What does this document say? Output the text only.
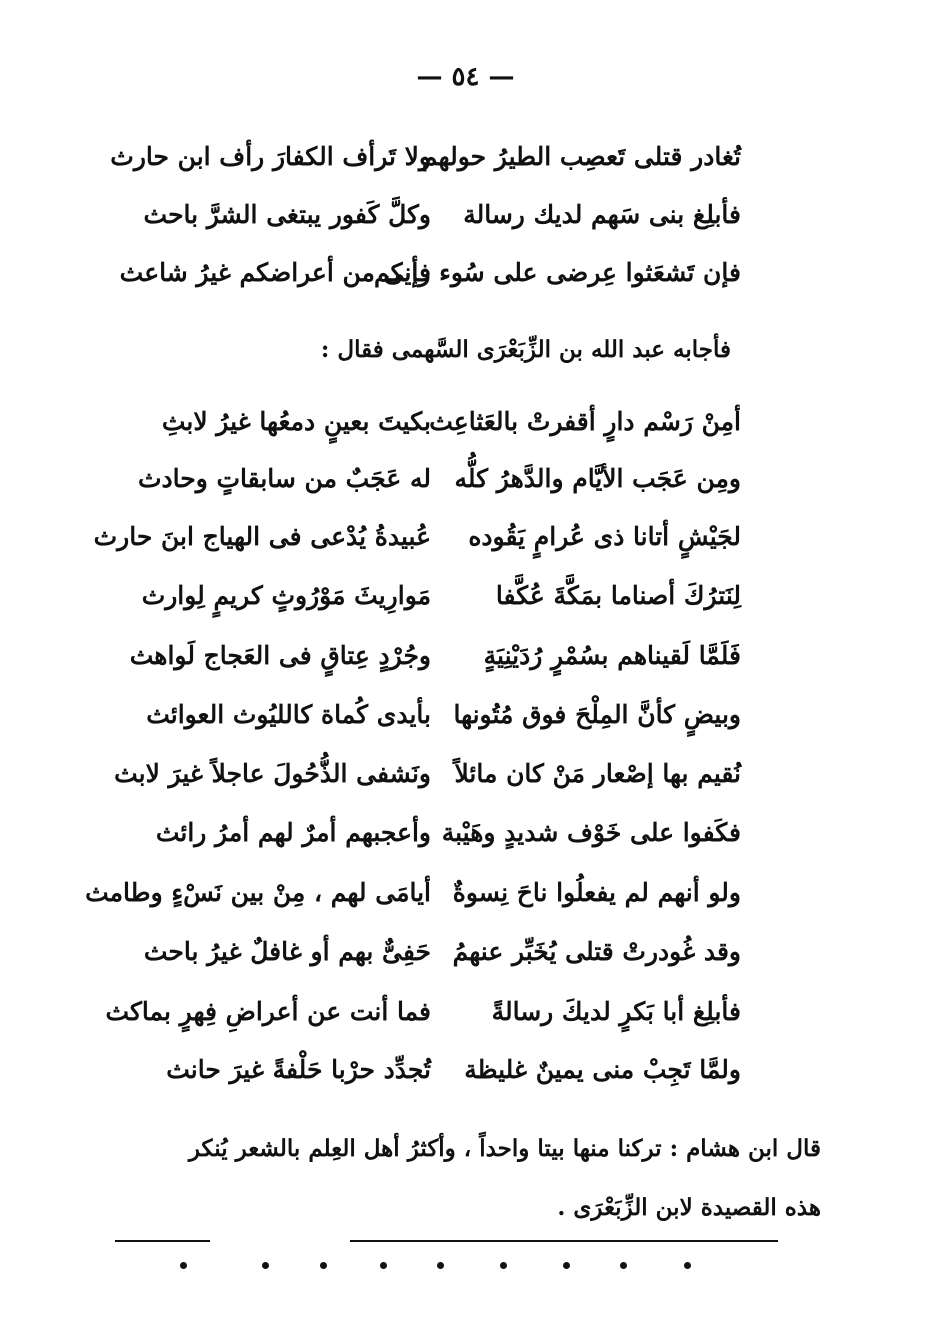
— ٥٤ —
تُغادر قتلى تَعصِب الطيرُ حولهم
ولا تَرأف الكفارَ رأف ابن حارث
فأبلِغ بنى سَهم لديك رسالة
وكلَّ كَفور يبتغى الشرَّ باحث
فإن تَشعَثوا عِرضى على سُوء رأيكم
فإنى من أعراضكم غيرُ شاعث
فأجابه عبد الله بن الزِّبَعْرَى السَّهمى فقال :
أمِنْ رَسْم دارٍ أقفرتْ بالعَثاعِث
بكيتَ بعينٍ دمعُها غيرُ لابثِ
ومِن عَجَب الأيَّام والدَّهرُ كلُّه
له عَجَبٌ من سابقاتٍ وحادث
لجَيْشٍ أتانا ذى عُرامٍ يَقُوده
عُبيدةُ يُدْعى فى الهياج ابنَ حارث
لِنَترُكَ أصناما بمَكَّةَ عُكَّفا
مَوارِيثَ مَوْرُوثٍ كريمٍ لِوارث
فَلَمَّا لَقيناهم بسُمْرٍ رُدَيْنِيَةٍ
وجُرْدٍ عِتاقٍ فى العَجاج لَواهث
وبيضٍ كأنَّ المِلْحَ فوق مُتُونها
بأيدى كُماة كالليُوث العوائث
نُقيم بها إصْعار مَنْ كان مائلاً
ونَشفى الذُّحُولَ عاجلاً غيرَ لابث
فكَفوا على خَوْف شديدٍ وهَيْبة
وأعجبهم أمرٌ لهم أمرُ رائث
ولو أنهم لم يفعلُوا ناحَ نِسوةٌ
أيامَى لهم ، مِنْ بين نَسْءٍ وطامث
وقد غُودرتْ قتلى يُخَبِّر عنهمُ
حَفِىٌّ بهم أو غافلٌ غيرُ باحث
فأبلِغ أبا بَكرٍ لديكَ رسالةً
فما أنت عن أعراضِ فِهرٍ بماكث
ولمَّا تَجِبْ منى يمينٌ غليظة
تُجدِّد حرْبا حَلْفةً غيرَ حانث
قال ابن هشام : تركنا منها بيتا واحداً ، وأكثرُ أهل العِلم بالشعر يُنكر
هذه القصيدة لابن الزِّبَعْرَى .
